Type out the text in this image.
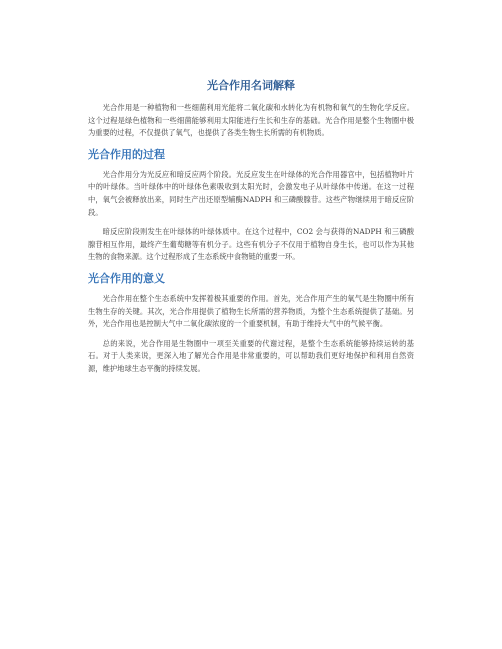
光合作用名词解释

光合作用是一种植物和一些细菌利用光能将二氧化碳和水转化为有机物和氧气的生物化学反应。这个过程是绿色植物和一些细菌能够利用太阳能进行生长和生存的基础。光合作用是整个生物圈中极为重要的过程，不仅提供了氧气，也提供了各类生物生长所需的有机物质。

光合作用的过程

光合作用分为光反应和暗反应两个阶段。光反应发生在叶绿体的光合作用器官中，包括植物叶片中的叶绿体。当叶绿体中的叶绿体色素吸收到太阳光时，会激发电子从叶绿体中传递。在这一过程中，氧气会被释放出来，同时生产出还原型辅酶NADPH 和三磷酸腺苷。这些产物继续用于暗反应阶段。

暗反应阶段则发生在叶绿体的叶绿体质中。在这个过程中，CO2 会与获得的NADPH 和三磷酸腺苷相互作用，最终产生葡萄糖等有机分子。这些有机分子不仅用于植物自身生长，也可以作为其他生物的食物来源。这个过程形成了生态系统中食物链的重要一环。

光合作用的意义

光合作用在整个生态系统中发挥着极其重要的作用。首先，光合作用产生的氧气是生物圈中所有生物生存的关键。其次，光合作用提供了植物生长所需的营养物质，为整个生态系统提供了基础。另外，光合作用也是控制大气中二氧化碳浓度的一个重要机制，有助于维持大气中的气候平衡。

总的来说，光合作用是生物圈中一项至关重要的代谢过程，是整个生态系统能够持续运转的基石。对于人类来说，更深入地了解光合作用是非常重要的，可以帮助我们更好地保护和利用自然资源，维护地球生态平衡的持续发展。
